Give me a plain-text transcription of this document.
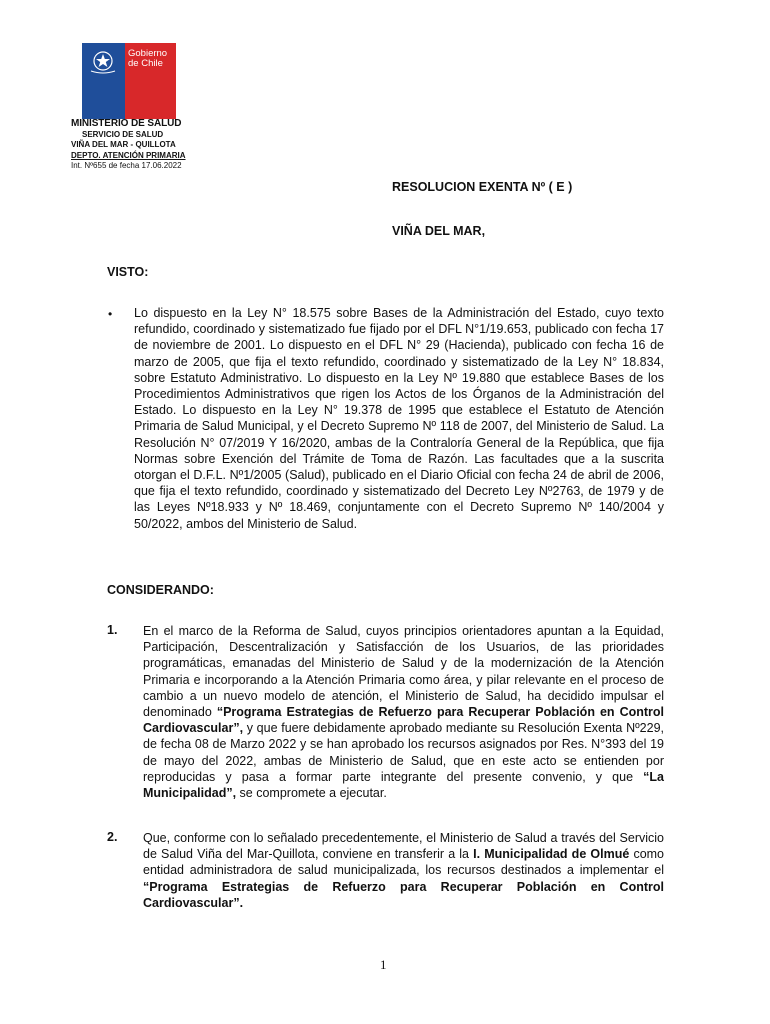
Gobierno
de Chile
MINISTERIO DE SALUD
SERVICIO DE SALUD
VIÑA DEL MAR - QUILLOTA
DEPTO. ATENCIÓN PRIMARIA
Int. Nº655 de fecha 17.06.2022
RESOLUCION EXENTA Nº ( E )
VIÑA DEL MAR,
VISTO:
• Lo dispuesto en la Ley N° 18.575 sobre Bases de la Administración del Estado, cuyo texto refundido, coordinado y sistematizado fue fijado por el DFL N°1/19.653, publicado con fecha 17 de noviembre de 2001. Lo dispuesto en el DFL N° 29 (Hacienda), publicado con fecha 16 de marzo de 2005, que fija el texto refundido, coordinado y sistematizado de la Ley N° 18.834, sobre Estatuto Administrativo. Lo dispuesto en la Ley Nº 19.880 que establece Bases de los Procedimientos Administrativos que rigen los Actos de los Órganos de la Administración del Estado. Lo dispuesto en la Ley N° 19.378 de 1995 que establece el Estatuto de Atención Primaria de Salud Municipal, y el Decreto Supremo Nº 118 de 2007, del Ministerio de Salud. La Resolución N° 07/2019 Y 16/2020, ambas de la Contraloría General de la República, que fija Normas sobre Exención del Trámite de Toma de Razón. Las facultades que a la suscrita otorgan el D.F.L. Nº1/2005 (Salud), publicado en el Diario Oficial con fecha 24 de abril de 2006, que fija el texto refundido, coordinado y sistematizado del Decreto Ley Nº2763, de 1979 y de las Leyes Nº18.933 y Nº 18.469, conjuntamente con el Decreto Supremo Nº 140/2004 y 50/2022, ambos del Ministerio de Salud.
CONSIDERANDO:
1. En el marco de la Reforma de Salud, cuyos principios orientadores apuntan a la Equidad, Participación, Descentralización y Satisfacción de los Usuarios, de las prioridades programáticas, emanadas del Ministerio de Salud y de la modernización de la Atención Primaria e incorporando a la Atención Primaria como área, y pilar relevante en el proceso de cambio a un nuevo modelo de atención, el Ministerio de Salud, ha decidido impulsar el denominado “Programa Estrategias de Refuerzo para Recuperar Población en Control Cardiovascular”, y que fuere debidamente aprobado mediante su Resolución Exenta Nº229, de fecha 08 de Marzo 2022 y se han aprobado los recursos asignados por Res. N°393 del 19 de mayo del 2022, ambas de Ministerio de Salud, que en este acto se entienden por reproducidas y pasa a formar parte integrante del presente convenio, y que “La Municipalidad”, se compromete a ejecutar.
2. Que, conforme con lo señalado precedentemente, el Ministerio de Salud a través del Servicio de Salud Viña del Mar-Quillota, conviene en transferir a la I. Municipalidad de Olmué como entidad administradora de salud municipalizada, los recursos destinados a implementar el “Programa Estrategias de Refuerzo para Recuperar Población en Control Cardiovascular”.
1
